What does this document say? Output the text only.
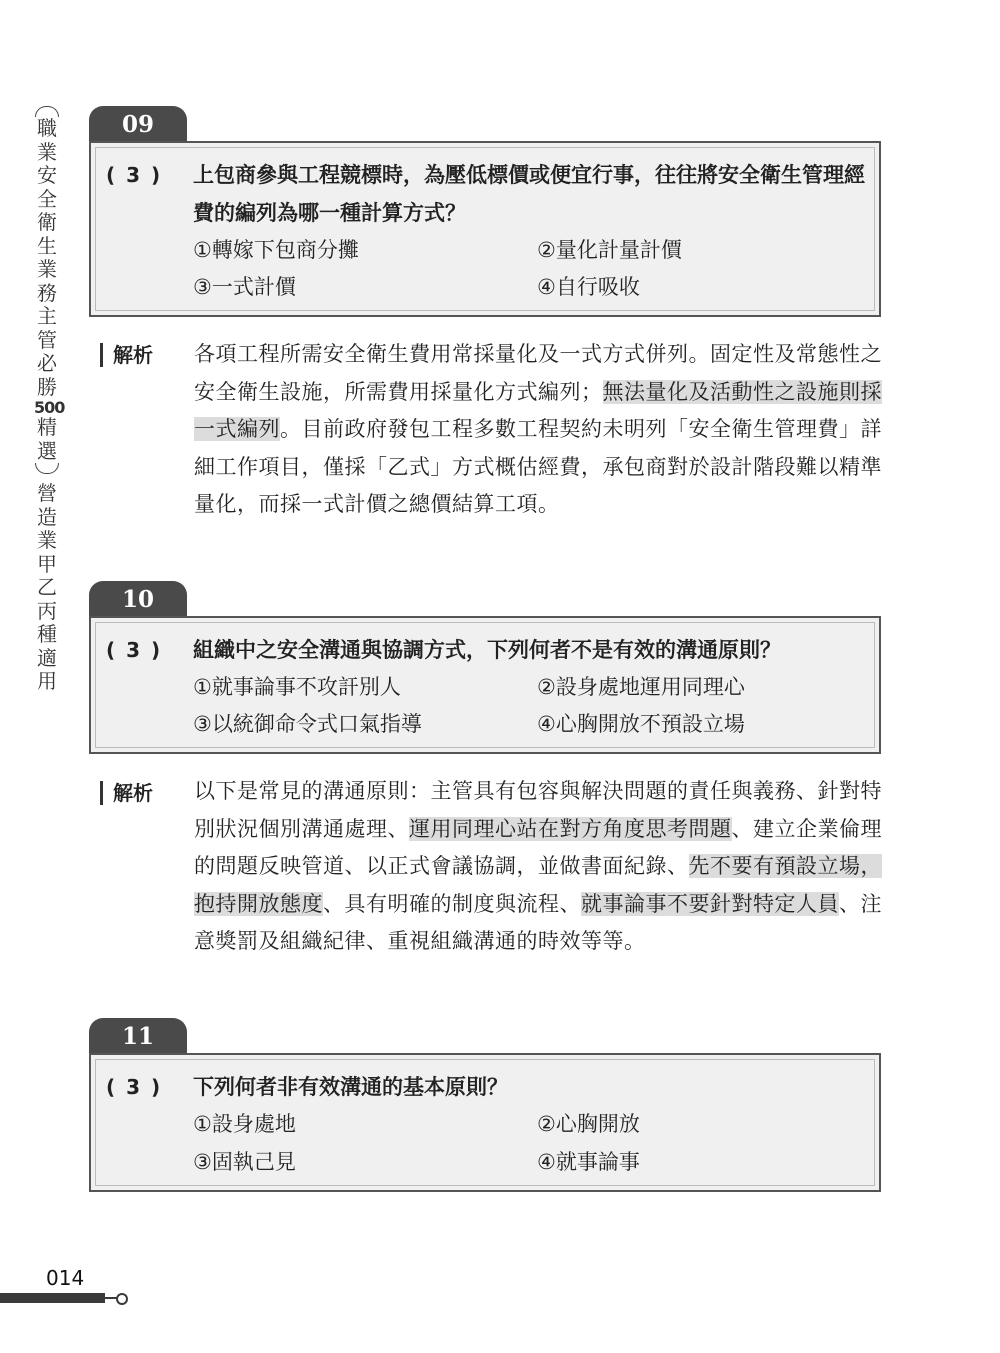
職
業
安
全
衛
生
業
務
主
管
必
勝
500
精
選
營
造
業
甲
乙
丙
種
適
用
09
( 3 ) 上包商參與工程競標時，為壓低標價或便宜行事，往往將安全衛生管理經費的編列為哪一種計算方式？
①轉嫁下包商分攤	②量化計量計價
③一式計價	④自行吸收
解析 各項工程所需安全衛生費用常採量化及一式方式併列。固定性及常態性之安全衛生設施，所需費用採量化方式編列；無法量化及活動性之設施則採一式編列。目前政府發包工程多數工程契約未明列「安全衛生管理費」詳細工作項目，僅採「乙式」方式概估經費，承包商對於設計階段難以精準量化，而採一式計價之總價結算工項。
10
( 3 ) 組織中之安全溝通與協調方式，下列何者不是有效的溝通原則？
①就事論事不攻訐別人	②設身處地運用同理心
③以統御命令式口氣指導	④心胸開放不預設立場
解析 以下是常見的溝通原則：主管具有包容與解決問題的責任與義務、針對特別狀況個別溝通處理、運用同理心站在對方角度思考問題、建立企業倫理的問題反映管道、以正式會議協調，並做書面紀錄、先不要有預設立場，抱持開放態度、具有明確的制度與流程、就事論事不要針對特定人員、注意獎罰及組織紀律、重視組織溝通的時效等等。
11
( 3 ) 下列何者非有效溝通的基本原則？
①設身處地	②心胸開放
③固執己見	④就事論事
014
